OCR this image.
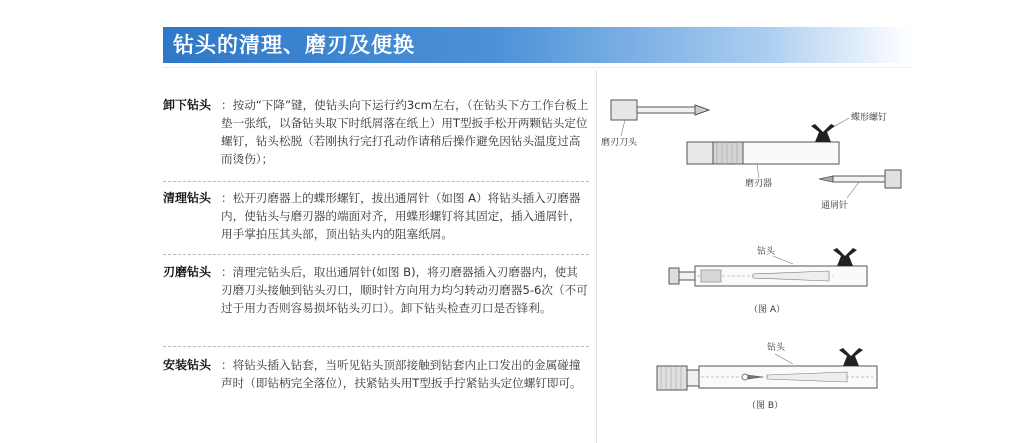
钻头的清理、磨刃及便换
卸下钻头 ：按动“下降”键，使钻头向下运行约3cm左右，（在钻头下方工作台板上垫一张纸，以备钻头取下时纸屑落在纸上）用T型扳手松开两颗钻头定位螺钉，钻头松脱（若刚执行完打孔动作请稍后操作避免因钻头温度过高而烫伤）；
清理钻头 ：松开刃磨器上的蝶形螺钉，拔出通屑针（如图 A）将钻头插入刃磨器内，使钻头与磨刃器的端面对齐，用蝶形螺钉将其固定，插入通屑针，用手掌拍压其头部，顶出钻头内的阻塞纸屑。
刃磨钻头 ：清理完钻头后，取出通屑针(如图 B)，将刃磨器插入刃磨器内，使其刃磨刀头接触到钻头刃口，顺时针方向用力均匀转动刃磨器5-6次（不可过于用力否则容易损坏钻头刃口）。卸下钻头检查刃口是否锋利。
安装钻头 ：将钻头插入钻套，当听见钻头顶部接触到钻套内止口发出的金属碰撞声时（即钻柄完全落位），扶紧钻头用T型扳手拧紧钻头定位螺钉即可。
磨刃刀头
蝶形螺钉
磨刃器
通屑针
钻头
（图 A）
钻头
（图 B）
